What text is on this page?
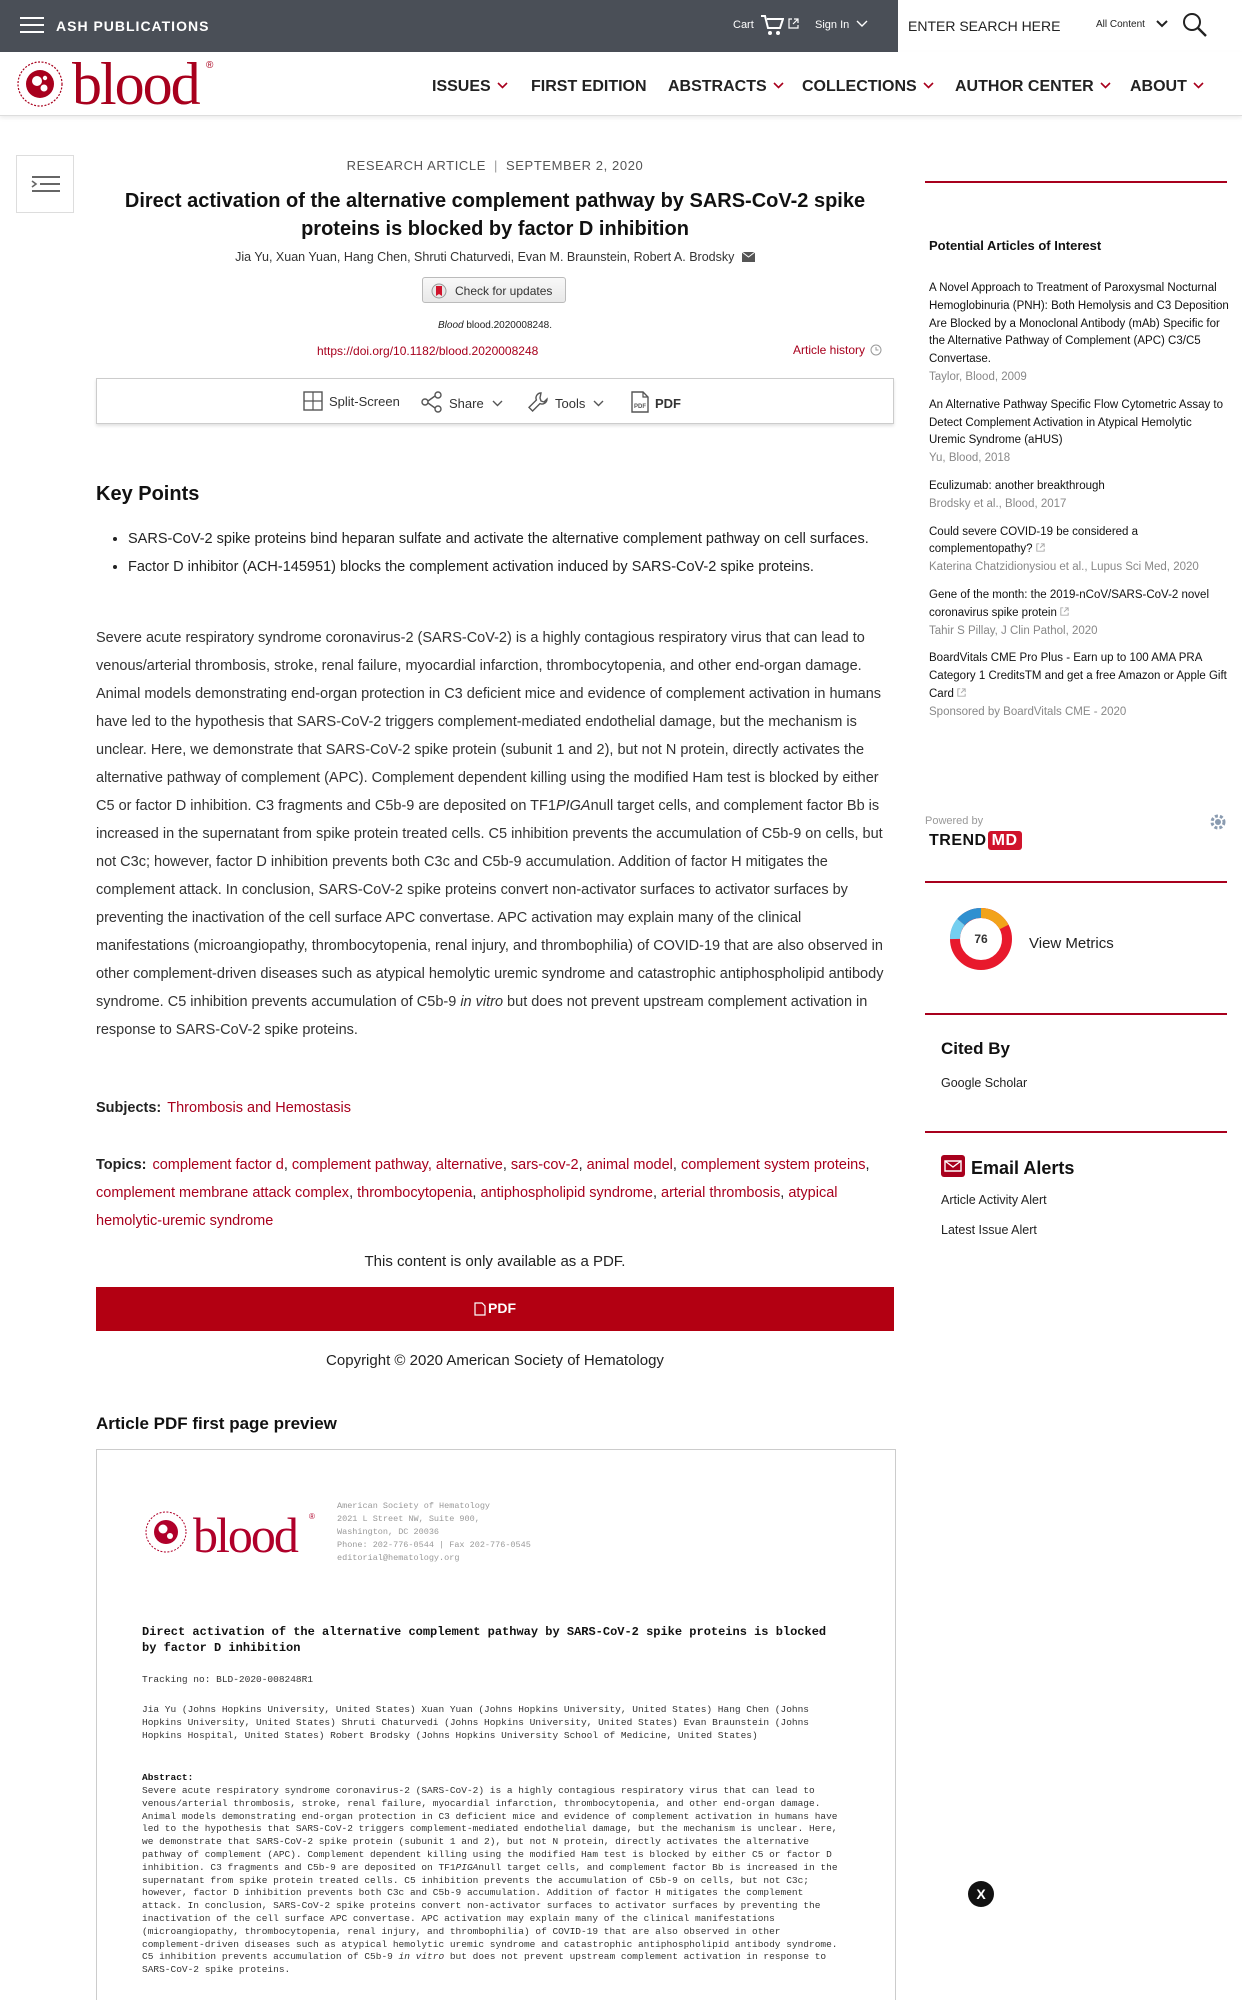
ASH PUBLICATIONS	Cart	Sign In
ENTER SEARCH HERE	All Content
blood ®
ISSUES	FIRST EDITION ABSTRACTS	COLLECTIONS	AUTHOR CENTER	ABOUT
RESEARCH ARTICLE | SEPTEMBER 2, 2020
Direct activation of the alternative complement pathway by SARS-CoV-2 spike proteins is blocked by factor D inhibition
Jia Yu, Xuan Yuan, Hang Chen, Shruti Chaturvedi, Evan M. Braunstein, Robert A. Brodsky
Check for updates
Blood blood.2020008248.
https://doi.org/10.1182/blood.2020008248	Article history
Split-Screen	Share	Tools	PDF PDF
Key Points
• SARS-CoV-2 spike proteins bind heparan sulfate and activate the alternative complement pathway on cell surfaces.
• Factor D inhibitor (ACH-145951) blocks the complement activation induced by SARS-CoV-2 spike proteins.

Severe acute respiratory syndrome coronavirus-2 (SARS-CoV-2) is a highly contagious respiratory virus that can lead to venous/arterial thrombosis, stroke, renal failure, myocardial infarction, thrombocytopenia, and other end-organ damage. Animal models demonstrating end-organ protection in C3 deficient mice and evidence of complement activation in humans have led to the hypothesis that SARS-CoV-2 triggers complement-mediated endothelial damage, but the mechanism is unclear. Here, we demonstrate that SARS-CoV-2 spike protein (subunit 1 and 2), but not N protein, directly activates the alternative pathway of complement (APC). Complement dependent killing using the modified Ham test is blocked by either C5 or factor D inhibition. C3 fragments and C5b-9 are deposited on TF1PIGAnull target cells, and complement factor Bb is increased in the supernatant from spike protein treated cells. C5 inhibition prevents the accumulation of C5b-9 on cells, but not C3c; however, factor D inhibition prevents both C3c and C5b-9 accumulation. Addition of factor H mitigates the complement attack. In conclusion, SARS-CoV-2 spike proteins convert non-activator surfaces to activator surfaces by preventing the inactivation of the cell surface APC convertase. APC activation may explain many of the clinical manifestations (microangiopathy, thrombocytopenia, renal injury, and thrombophilia) of COVID-19 that are also observed in other complement-driven diseases such as atypical hemolytic uremic syndrome and catastrophic antiphospholipid antibody syndrome. C5 inhibition prevents accumulation of C5b-9 in vitro but does not prevent upstream complement activation in response to SARS-CoV-2 spike proteins.

Subjects: Thrombosis and Hemostasis
Topics: complement factor d, complement pathway, alternative, sars-cov-2, animal model, complement system proteins, complement membrane attack complex, thrombocytopenia, antiphospholipid syndrome, arterial thrombosis, atypical hemolytic-uremic syndrome
This content is only available as a PDF.
PDF
Copyright © 2020 American Society of Hematology
Article PDF first page preview
blood ®
American Society of Hematology
2021 L Street NW, Suite 900,
Washington, DC 20036
Phone: 202-776-0544 | Fax 202-776-0545
editorial@hematology.org
Direct activation of the alternative complement pathway by SARS-CoV-2 spike proteins is blocked by factor D inhibition
Tracking no: BLD-2020-008248R1
Jia Yu (Johns Hopkins University, United States) Xuan Yuan (Johns Hopkins University, United States) Hang Chen (Johns Hopkins University, United States) Shruti Chaturvedi (Johns Hopkins University, United States) Evan Braunstein (Johns Hopkins Hospital, United States) Robert Brodsky (Johns Hopkins University School of Medicine, United States)
Abstract:
Severe acute respiratory syndrome coronavirus-2 (SARS-CoV-2) is a highly contagious respiratory virus that can lead to venous/arterial thrombosis, stroke, renal failure, myocardial infarction, thrombocytopenia, and other end-organ damage. Animal models demonstrating end-organ protection in C3 deficient mice and evidence of complement activation in humans have led to the hypothesis that SARS-CoV-2 triggers complement-mediated endothelial damage, but the mechanism is unclear. Here, we demonstrate that SARS-CoV-2 spike protein (subunit 1 and 2), but not N protein, directly activates the alternative pathway of complement (APC). Complement dependent killing using the modified Ham test is blocked by either C5 or factor D inhibition. C3 fragments and C5b-9 are deposited on TF1PIGAnull target cells, and complement factor Bb is increased in the supernatant from spike protein treated cells. C5 inhibition prevents the accumulation of C5b-9 on cells, but not C3c; however, factor D inhibition prevents both C3c and C5b-9 accumulation. Addition of factor H mitigates the complement attack. In conclusion, SARS-CoV-2 spike proteins convert non-activator surfaces to activator surfaces by preventing the inactivation of the cell surface APC convertase. APC activation may explain many of the clinical manifestations (microangiopathy, thrombocytopenia, renal injury, and thrombophilia) of COVID-19 that are also observed in other complement-driven diseases such as atypical hemolytic uremic syndrome and catastrophic antiphospholipid antibody syndrome. C5 inhibition prevents accumulation of C5b-9 in vitro but does not prevent upstream complement activation in response to SARS-CoV-2 spike proteins.
Potential Articles of Interest
A Novel Approach to Treatment of Paroxysmal Nocturnal Hemoglobinuria (PNH): Both Hemolysis and C3 Deposition Are Blocked by a Monoclonal Antibody (mAb) Specific for the Alternative Pathway of Complement (APC) C3/C5 Convertase.
Taylor, Blood, 2009
An Alternative Pathway Specific Flow Cytometric Assay to Detect Complement Activation in Atypical Hemolytic Uremic Syndrome (aHUS)
Yu, Blood, 2018
Eculizumab: another breakthrough
Brodsky et al., Blood, 2017
Could severe COVID-19 be considered a complementopathy?
Katerina Chatzidionysiou et al., Lupus Sci Med, 2020
Gene of the month: the 2019-nCoV/SARS-CoV-2 novel coronavirus spike protein
Tahir S Pillay, J Clin Pathol, 2020
BoardVitals CME Pro Plus - Earn up to 100 AMA PRA Category 1 CreditsTM and get a free Amazon or Apple Gift Card
Sponsored by BoardVitals CME - 2020
Powered by
TREND MD
76	View Metrics
Cited By
Google Scholar
Email Alerts
Article Activity Alert
Latest Issue Alert
X
